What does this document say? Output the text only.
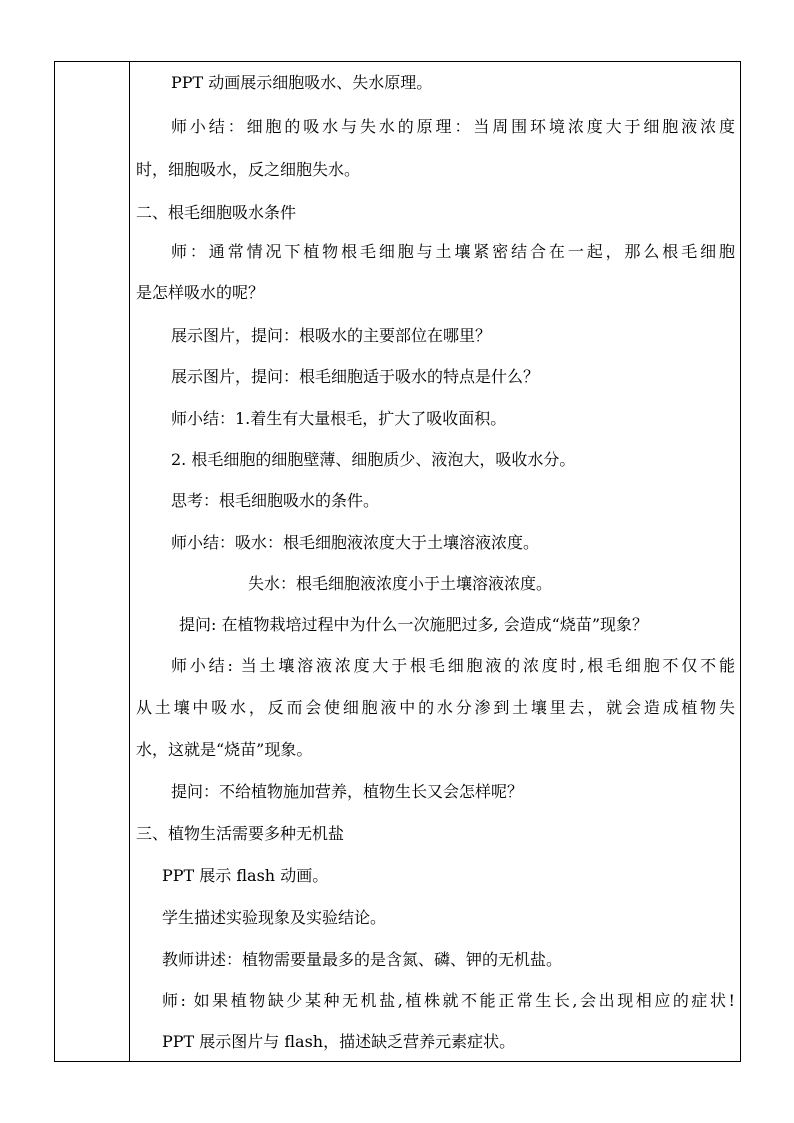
PPT 动画展示细胞吸水、失水原理。
师小结：细胞的吸水与失水的原理：当周围环境浓度大于细胞液浓度
时，细胞吸水，反之细胞失水。
二、根毛细胞吸水条件
师：通常情况下植物根毛细胞与土壤紧密结合在一起，那么根毛细胞
是怎样吸水的呢？
展示图片，提问：根吸水的主要部位在哪里？
展示图片，提问：根毛细胞适于吸水的特点是什么？
师小结：1.着生有大量根毛，扩大了吸收面积。
2. 根毛细胞的细胞壁薄、细胞质少、液泡大，吸收水分。
思考：根毛细胞吸水的条件。
师小结：吸水：根毛细胞液浓度大于土壤溶液浓度。
失水：根毛细胞液浓度小于土壤溶液浓度。
提问: 在植物栽培过程中为什么一次施肥过多, 会造成“烧苗”现象？
师小结: 当土壤溶液浓度大于根毛细胞液的浓度时,根毛细胞不仅不能
从土壤中吸水，反而会使细胞液中的水分渗到土壤里去，就会造成植物失
水，这就是“烧苗”现象。
提问：不给植物施加营养，植物生长又会怎样呢？
三、植物生活需要多种无机盐
PPT 展示 flash 动画。
学生描述实验现象及实验结论。
教师讲述：植物需要量最多的是含氮、磷、钾的无机盐。
师: 如果植物缺少某种无机盐,植株就不能正常生长,会出现相应的症状!
PPT 展示图片与 flash，描述缺乏营养元素症状。
